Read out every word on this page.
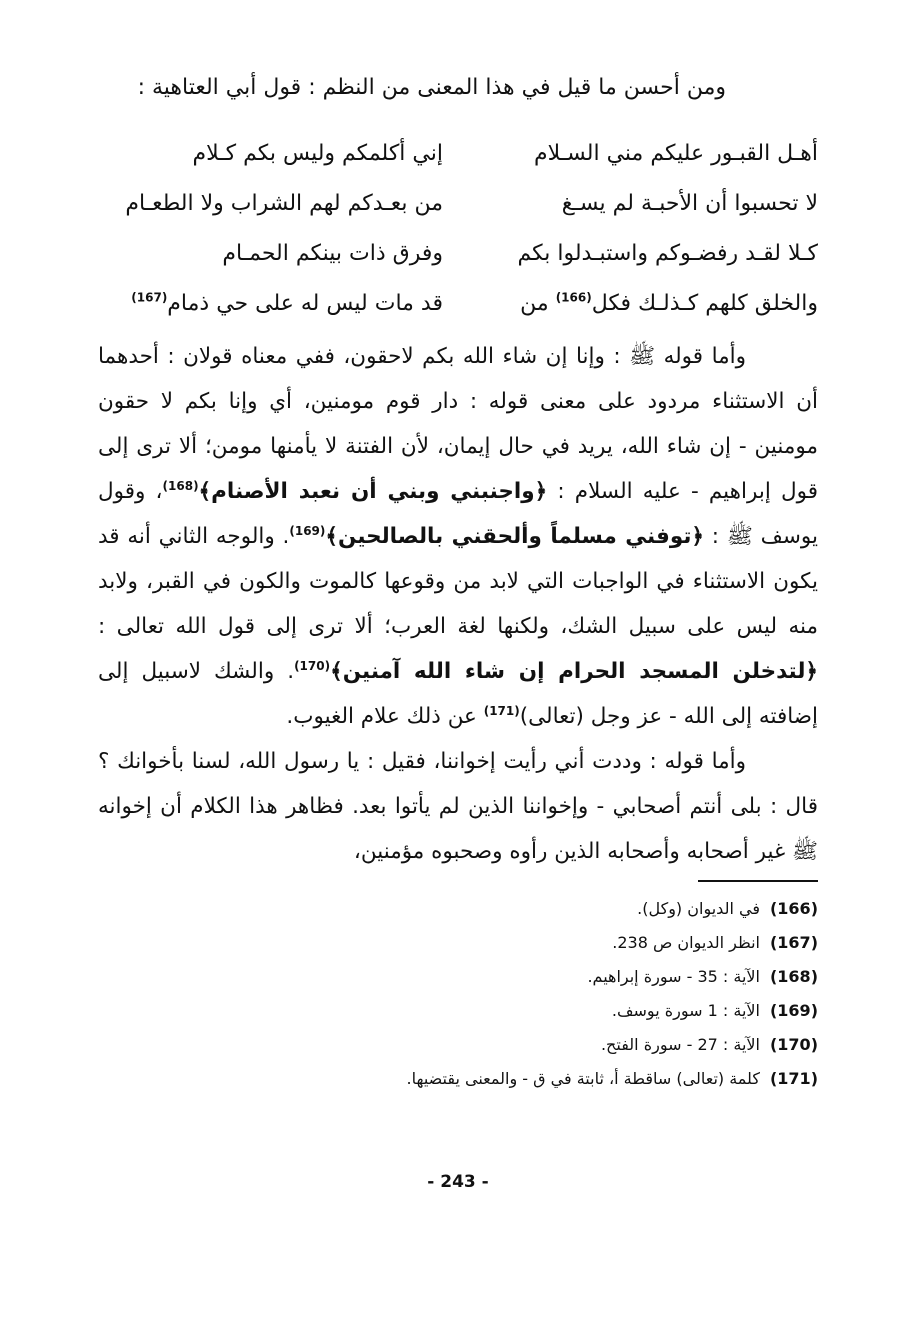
ومن أحسن ما قيل في هذا المعنى من النظم : قول أبي العتاهية :
أهـل القبـور عليكم مني السـلام
إني أكلمكم وليس بكم كـلام
لا تحسبوا أن الأحبـة لم يسـغ
من بعـدكم لهم الشراب ولا الطعـام
كـلا لقـد رفضـوكم واستبـدلوا بكم
وفرق ذات بينكم الحمـام
والخلق كلهم كـذلـك فكل$^{(166)}$ من
قد مات ليس له على حي ذمام$^{(167)}$

وأما قوله ﷺ : وإنا إن شاء الله بكم لاحقون، ففي معناه قولان : أحدهما أن الاستثناء مردود على معنى قوله : دار قوم مومنين، أي وإنا بكم لا حقون مومنين - إن شاء الله، يريد في حال إيمان، لأن الفتنة لا يأمنها مومن؛ ألا ترى إلى قول إبراهيم - عليه السلام : ﴿واجنبني وبني أن نعبد الأصنام﴾$^{(168)}$، وقول يوسف ﷺ : ﴿توفني مسلماً وألحقني بالصالحين﴾$^{(169)}$. والوجه الثاني أنه قد يكون الاستثناء في الواجبات التي لابد من وقوعها كالموت والكون في القبر، ولابد منه ليس على سبيل الشك، ولكنها لغة العرب؛ ألا ترى إلى قول الله تعالى : ﴿لتدخلن المسجد الحرام إن شاء الله آمنين﴾$^{(170)}$. والشك لاسبيل إلى إضافته إلى الله - عز وجل (تعالى)$^{(171)}$ عن ذلك علام الغيوب.

وأما قوله : وددت أني رأيت إخواننا، فقيل : يا رسول الله، لسنا بأخوانك ؟ قال : بلى أنتم أصحابي - وإخواننا الذين لم يأتوا بعد. فظاهر هذا الكلام أن إخوانه ﷺ غير أصحابه وأصحابه الذين رأوه وصحبوه مؤمنين،

(166)في الديوان (وكل).
(167)انظر الديوان ص 238.
(168)الآية : 35 - سورة إبراهيم.
(169)الآية : 1 سورة يوسف.
(170)الآية : 27 - سورة الفتح.
(171)كلمة (تعالى) ساقطة أ، ثابتة في ق - والمعنى يقتضيها.
- 243 -
